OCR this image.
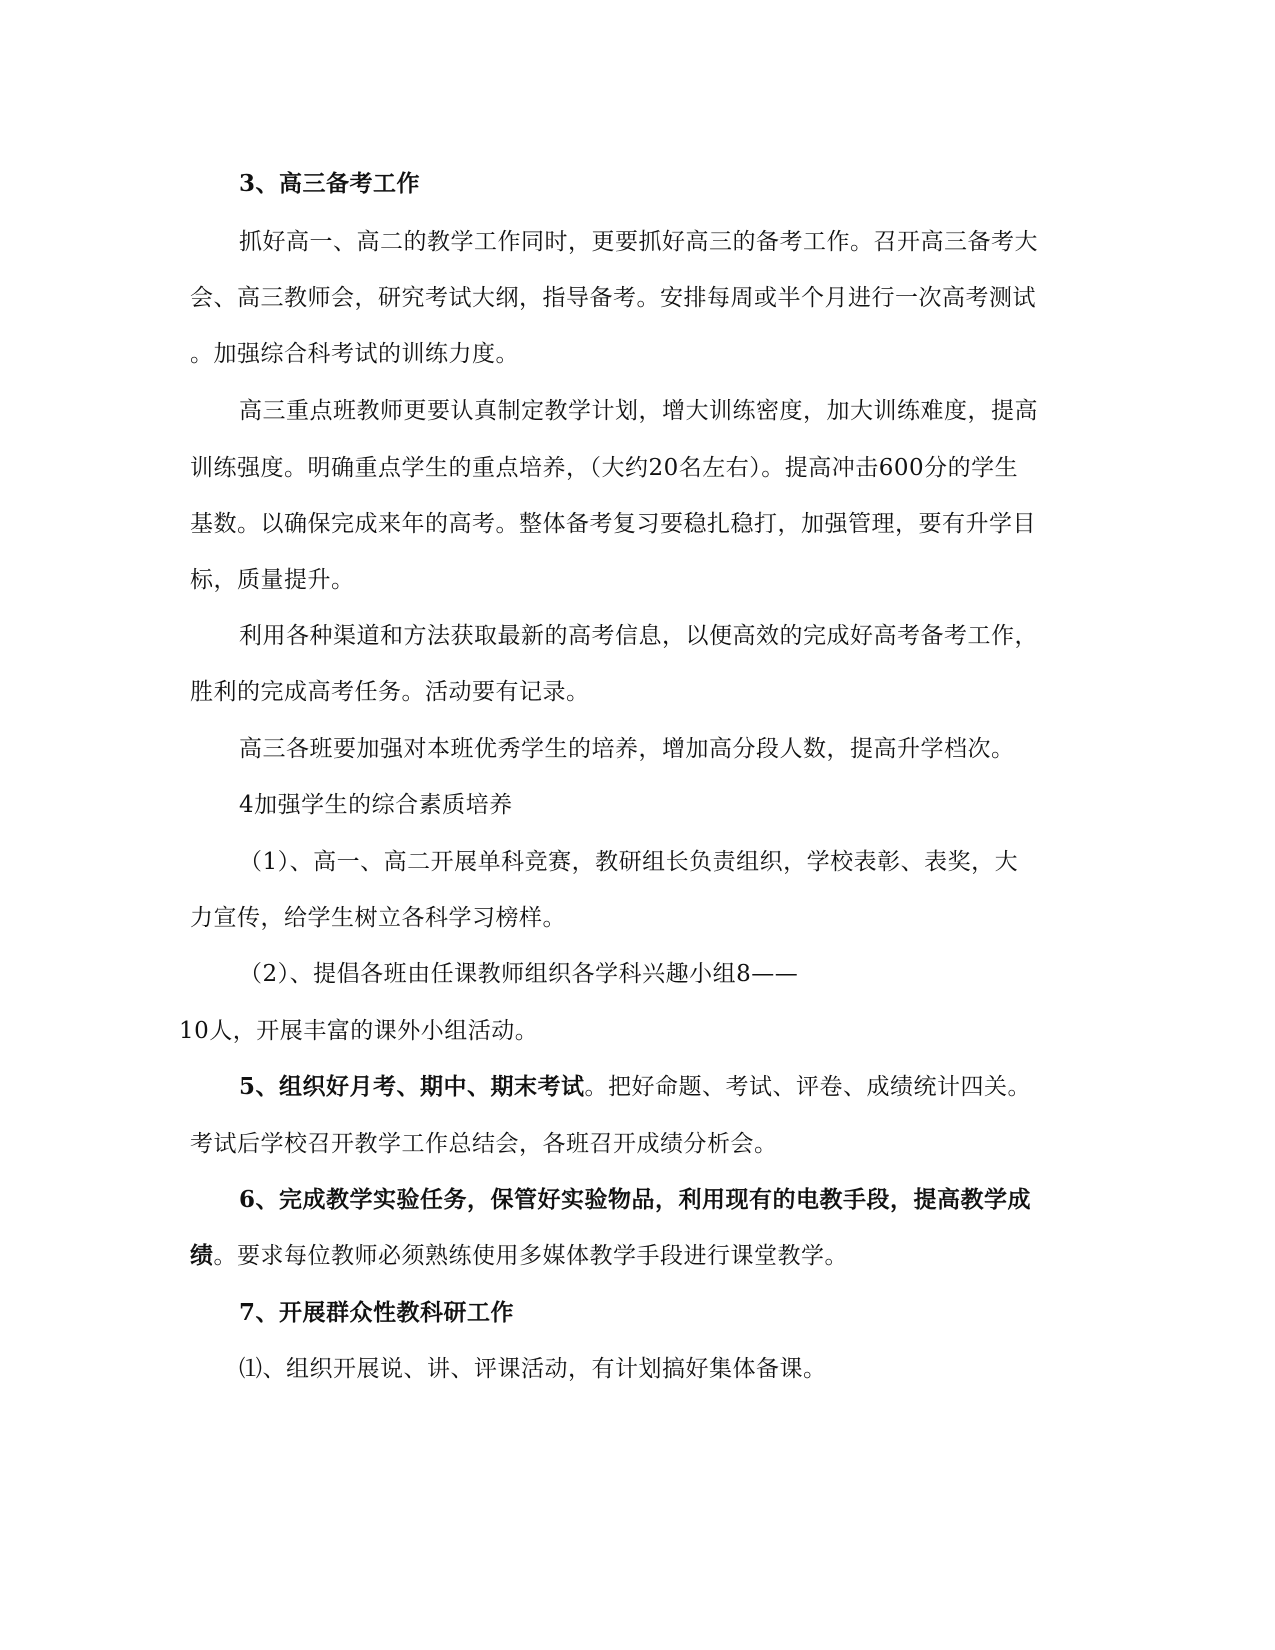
3、高三备考工作
抓好高一、高二的教学工作同时，更要抓好高三的备考工作。召开高三备考大
会、高三教师会，研究考试大纲，指导备考。安排每周或半个月进行一次高考测试
。加强综合科考试的训练力度。
高三重点班教师更要认真制定教学计划，增大训练密度，加大训练难度，提高
训练强度。明确重点学生的重点培养，（大约20名左右）。提高冲击600分的学生
基数。以确保完成来年的高考。整体备考复习要稳扎稳打，加强管理，要有升学目
标，质量提升。
利用各种渠道和方法获取最新的高考信息，以便高效的完成好高考备考工作，
胜利的完成高考任务。活动要有记录。
高三各班要加强对本班优秀学生的培养，增加高分段人数，提高升学档次。
4加强学生的综合素质培养
（1）、高一、高二开展单科竞赛，教研组长负责组织，学校表彰、表奖，大
力宣传，给学生树立各科学习榜样。
（2）、提倡各班由任课教师组织各学科兴趣小组8——
10人，开展丰富的课外小组活动。
5、组织好月考、期中、期末考试。把好命题、考试、评卷、成绩统计四关。
考试后学校召开教学工作总结会，各班召开成绩分析会。
6、完成教学实验任务，保管好实验物品，利用现有的电教手段，提高教学成
绩。要求每位教师必须熟练使用多媒体教学手段进行课堂教学。
7、开展群众性教科研工作
⑴、组织开展说、讲、评课活动，有计划搞好集体备课。
